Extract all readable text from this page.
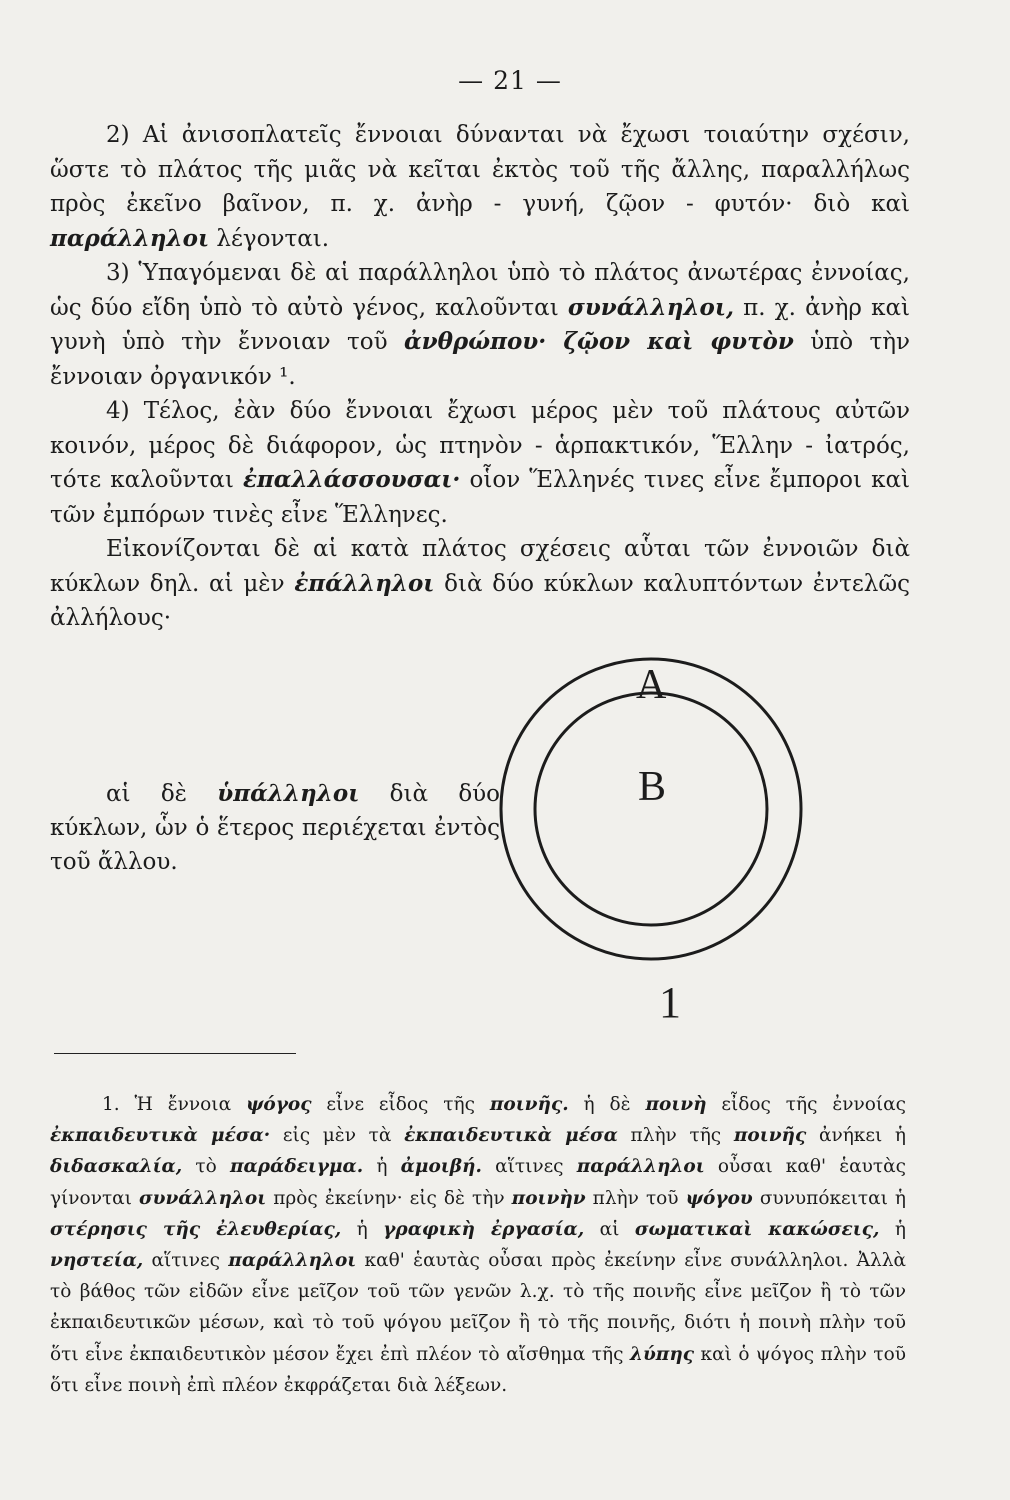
— 21 —

2) Αἱ ἀνισοπλατεῖς ἔννοιαι δύνανται νὰ ἔχωσι τοιαύτην σχέσιν, ὥστε τὸ πλάτος τῆς μιᾶς νὰ κεῖται ἐκτὸς τοῦ τῆς ἄλλης, παραλλήλως πρὸς ἐκεῖνο βαῖνον, π. χ. ἀνὴρ - γυνή, ζῷον - φυτόν· διὸ καὶ παράλληλοι λέγονται.

3) Ὑπαγόμεναι δὲ αἱ παράλληλοι ὑπὸ τὸ πλάτος ἀνωτέρας ἐννοίας, ὡς δύο εἴδη ὑπὸ τὸ αὐτὸ γένος, καλοῦνται συνάλληλοι, π. χ. ἀνὴρ καὶ γυνὴ ὑπὸ τὴν ἔννοιαν τοῦ ἀνθρώπου· ζῷον καὶ φυτὸν ὑπὸ τὴν ἔννοιαν ὀργανικόν ¹.

4) Τέλος, ἐὰν δύο ἔννοιαι ἔχωσι μέρος μὲν τοῦ πλάτους αὐτῶν κοινόν, μέρος δὲ διάφορον, ὡς πτηνὸν - ἁρπακτικόν, Ἕλλην - ἰατρός, τότε καλοῦνται ἐπαλλάσσουσαι· οἷον Ἕλληνές τινες εἶνε ἔμποροι καὶ τῶν ἐμπόρων τινὲς εἶνε Ἕλληνες.

Εἰκονίζονται δὲ αἱ κατὰ πλάτος σχέσεις αὗται τῶν ἐννοιῶν διὰ κύκλων δηλ. αἱ μὲν ἐπάλληλοι διὰ δύο κύκλων καλυπτόντων ἐντελῶς ἀλλήλους·

αἱ δὲ ὑπάλληλοι διὰ δύο κύκλων, ὧν ὁ ἕτερος περιέχεται ἐντὸς τοῦ ἄλλου.

A
B
1

1. Ἡ ἔννοια ψόγος εἶνε εἶδος τῆς ποινῆς. ἡ δὲ ποινὴ εἶδος τῆς ἐννοίας ἐκπαιδευτικὰ μέσα· εἰς μὲν τὰ ἐκπαιδευτικὰ μέσα πλὴν τῆς ποινῆς ἀνήκει ἡ διδασκαλία, τὸ παράδειγμα. ἡ ἀμοιβή. αἵτινες παράλληλοι οὖσαι καθ' ἑαυτὰς γίνονται συνάλληλοι πρὸς ἐκείνην· εἰς δὲ τὴν ποινὴν πλὴν τοῦ ψόγου συνυπόκειται ἡ στέρησις τῆς ἐλευθερίας, ἡ γραφικὴ ἐργασία, αἱ σωματικαὶ κακώσεις, ἡ νηστεία, αἵτινες παράλληλοι καθ' ἑαυτὰς οὖσαι πρὸς ἐκείνην εἶνε συνάλληλοι. Ἀλλὰ τὸ βάθος τῶν εἰδῶν εἶνε μεῖζον τοῦ τῶν γενῶν λ.χ. τὸ τῆς ποινῆς εἶνε μεῖζον ἢ τὸ τῶν ἐκπαιδευτικῶν μέσων, καὶ τὸ τοῦ ψόγου μεῖζον ἢ τὸ τῆς ποινῆς, διότι ἡ ποινὴ πλὴν τοῦ ὅτι εἶνε ἐκπαιδευτικὸν μέσον ἔχει ἐπὶ πλέον τὸ αἴσθημα τῆς λύπης καὶ ὁ ψόγος πλὴν τοῦ ὅτι εἶνε ποινὴ ἐπὶ πλέον ἐκφράζεται διὰ λέξεων.
